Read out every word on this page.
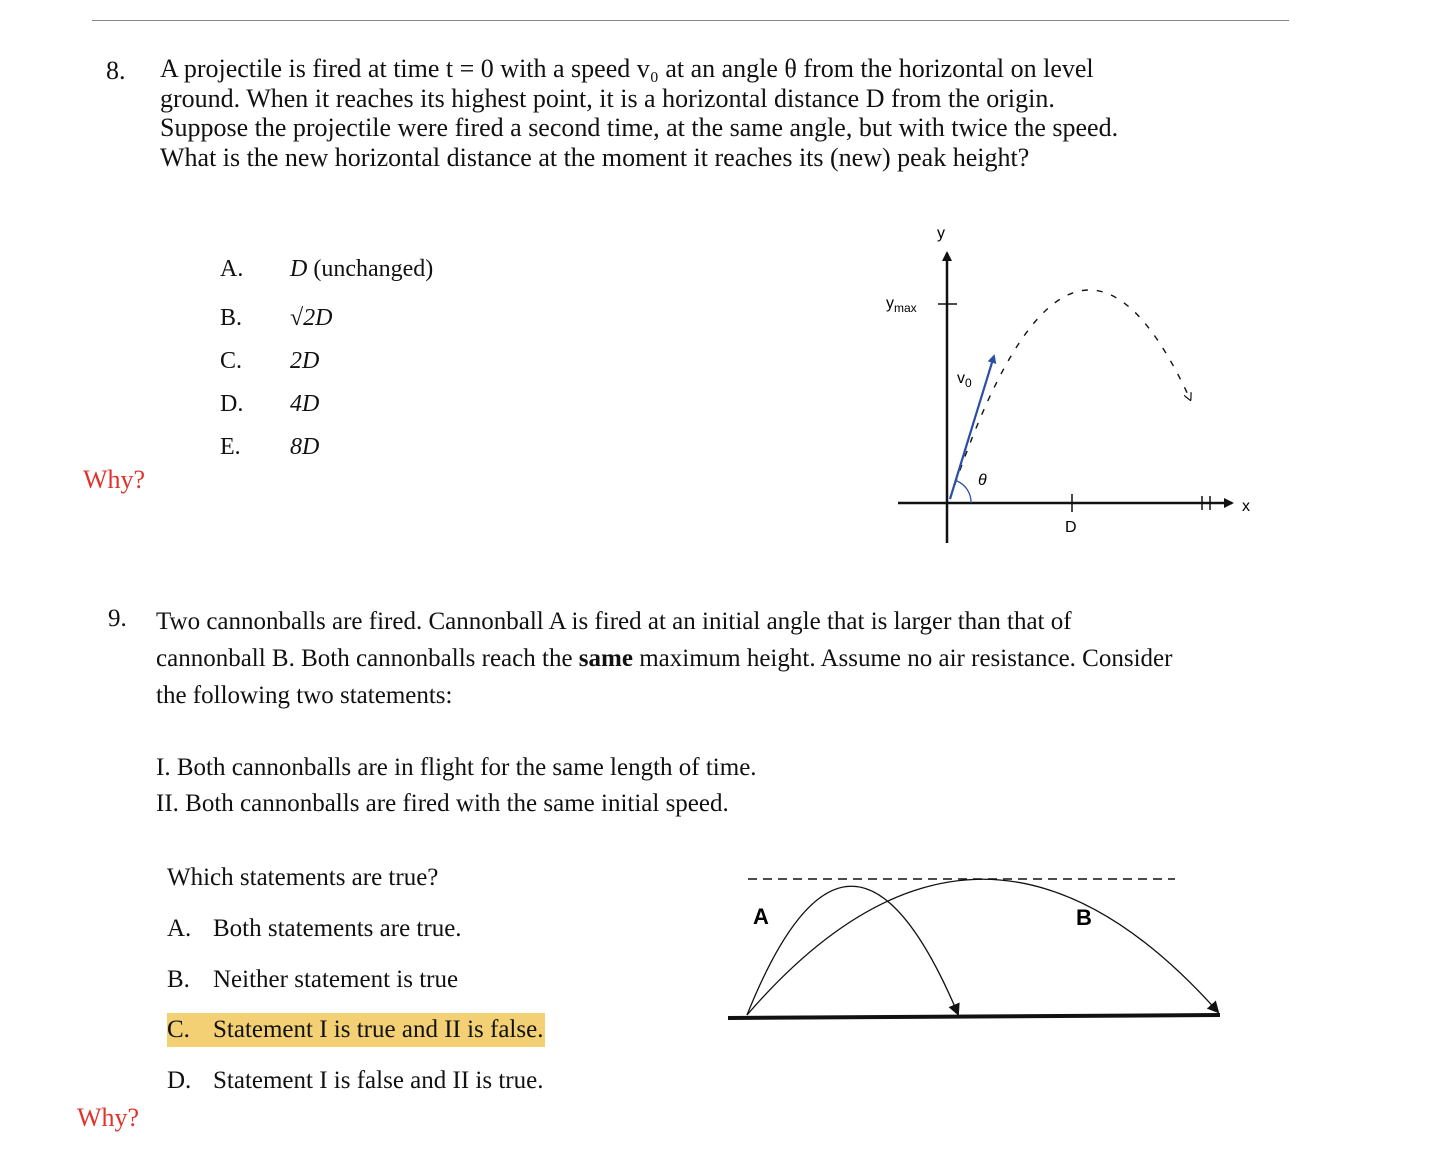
8. A projectile is fired at time t = 0 with a speed v₀ at an angle θ from the horizontal on level

ground. When it reaches its highest point, it is a horizontal distance D from the origin.

Suppose the projectile were fired a second time, at the same angle, but with twice the speed.

What is the new horizontal distance at the moment it reaches its (new) peak height?

A. D (unchanged)
B. √2D
C. 2D
D. 4D
E. 8D
Why?
y
x
$y_{max}$
D
$v_0$
θ
9. Two cannonballs are fired. Cannonball A is fired at an initial angle that is larger than that of

cannonball B. Both cannonballs reach the same maximum height. Assume no air resistance. Consider

the following two statements:

I. Both cannonballs are in flight for the same length of time.
II. Both cannonballs are fired with the same initial speed.
Which statements are true?
A. Both statements are true.
B. Neither statement is true
C. Statement I is true and II is false.
D. Statement I is false and II is true.
Why?
A	B
